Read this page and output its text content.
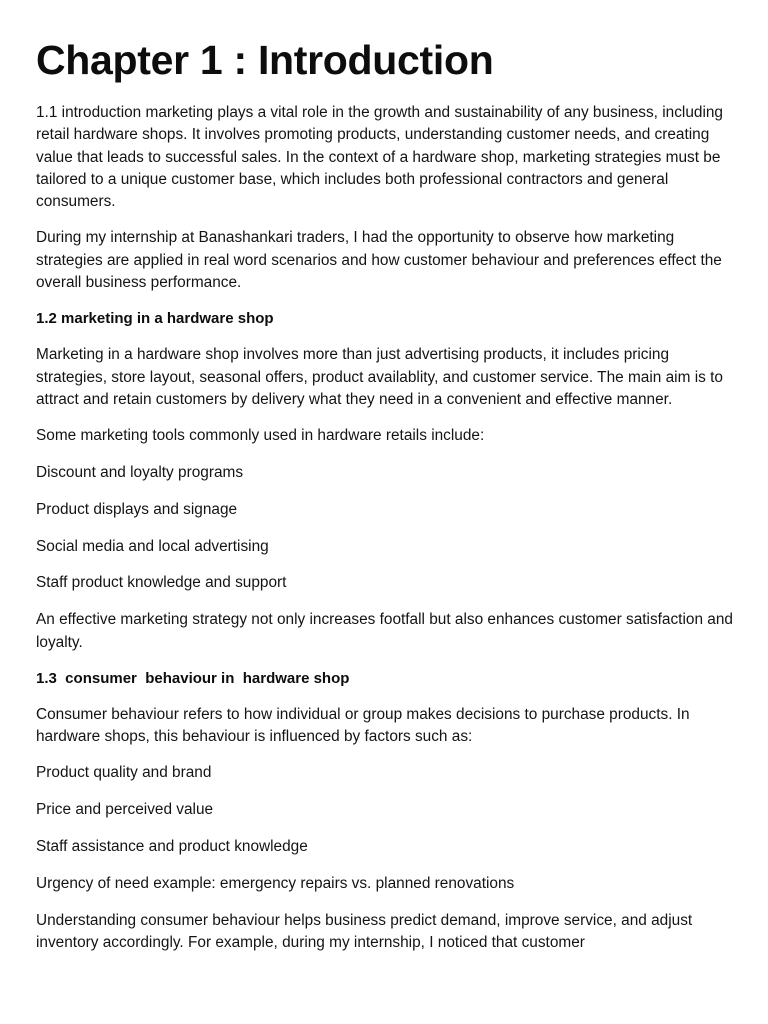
Chapter 1 : Introduction

1.1 introduction marketing plays a vital role in the growth and sustainability of any business, including retail hardware shops. It involves promoting products, understanding customer needs, and creating value that leads to successful sales. In the context of a hardware shop, marketing strategies must be tailored to a unique customer base, which includes both professional contractors and general consumers.

During my internship at Banashankari traders, I had the opportunity to observe how marketing strategies are applied in real word scenarios and how customer behaviour and preferences effect the overall business performance.

1.2 marketing in a hardware shop

Marketing in a hardware shop involves more than just advertising products, it includes pricing strategies, store layout, seasonal offers, product availablity, and customer service. The main aim is to attract and retain customers by delivery what they need in a convenient and effective manner.

Some marketing tools commonly used in hardware retails include:

Discount and loyalty programs

Product displays and signage

Social media and local advertising

Staff product knowledge and support

An effective marketing strategy not only increases footfall but also enhances customer satisfaction and loyalty.

1.3  consumer  behaviour in  hardware shop

Consumer behaviour refers to how individual or group makes decisions to purchase products. In hardware shops, this behaviour is influenced by factors such as:

Product quality and brand

Price and perceived value

Staff assistance and product knowledge

Urgency of need example: emergency repairs vs. planned renovations

Understanding consumer behaviour helps business predict demand, improve service, and adjust inventory accordingly. For example, during my internship, I noticed that customer
